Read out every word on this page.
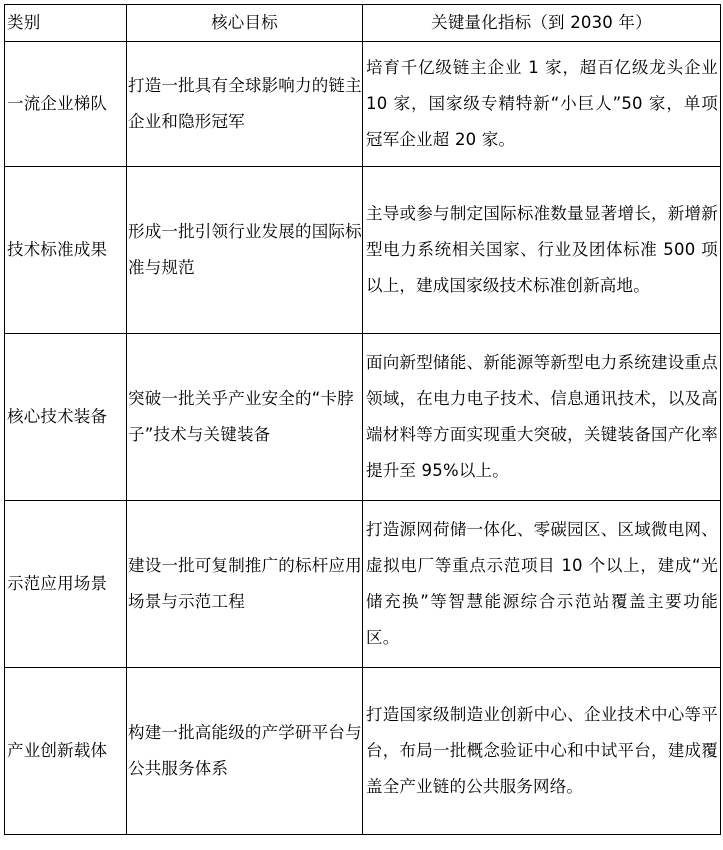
类别	核心目标	关键量化指标（到 2030 年）
一流企业梯队	打造一批具有全球影响力的链主企业和隐形冠军	培育千亿级链主企业 1 家，超百亿级龙头企业 10 家，国家级专精特新“小巨人”50 家，单项冠军企业超 20 家。
技术标准成果	形成一批引领行业发展的国际标准与规范	主导或参与制定国际标准数量显著增长，新增新型电力系统相关国家、行业及团体标准 500 项以上，建成国家级技术标准创新高地。
核心技术装备	突破一批关乎产业安全的“卡脖子”技术与关键装备	面向新型储能、新能源等新型电力系统建设重点领域，在电力电子技术、信息通讯技术，以及高端材料等方面实现重大突破，关键装备国产化率提升至 95%以上。
示范应用场景	建设一批可复制推广的标杆应用场景与示范工程	打造源网荷储一体化、零碳园区、区域微电网、虚拟电厂等重点示范项目 10 个以上，建成“光储充换”等智慧能源综合示范站覆盖主要功能区。
产业创新载体	构建一批高能级的产学研平台与公共服务体系	打造国家级制造业创新中心、企业技术中心等平台，布局一批概念验证中心和中试平台，建成覆盖全产业链的公共服务网络。
